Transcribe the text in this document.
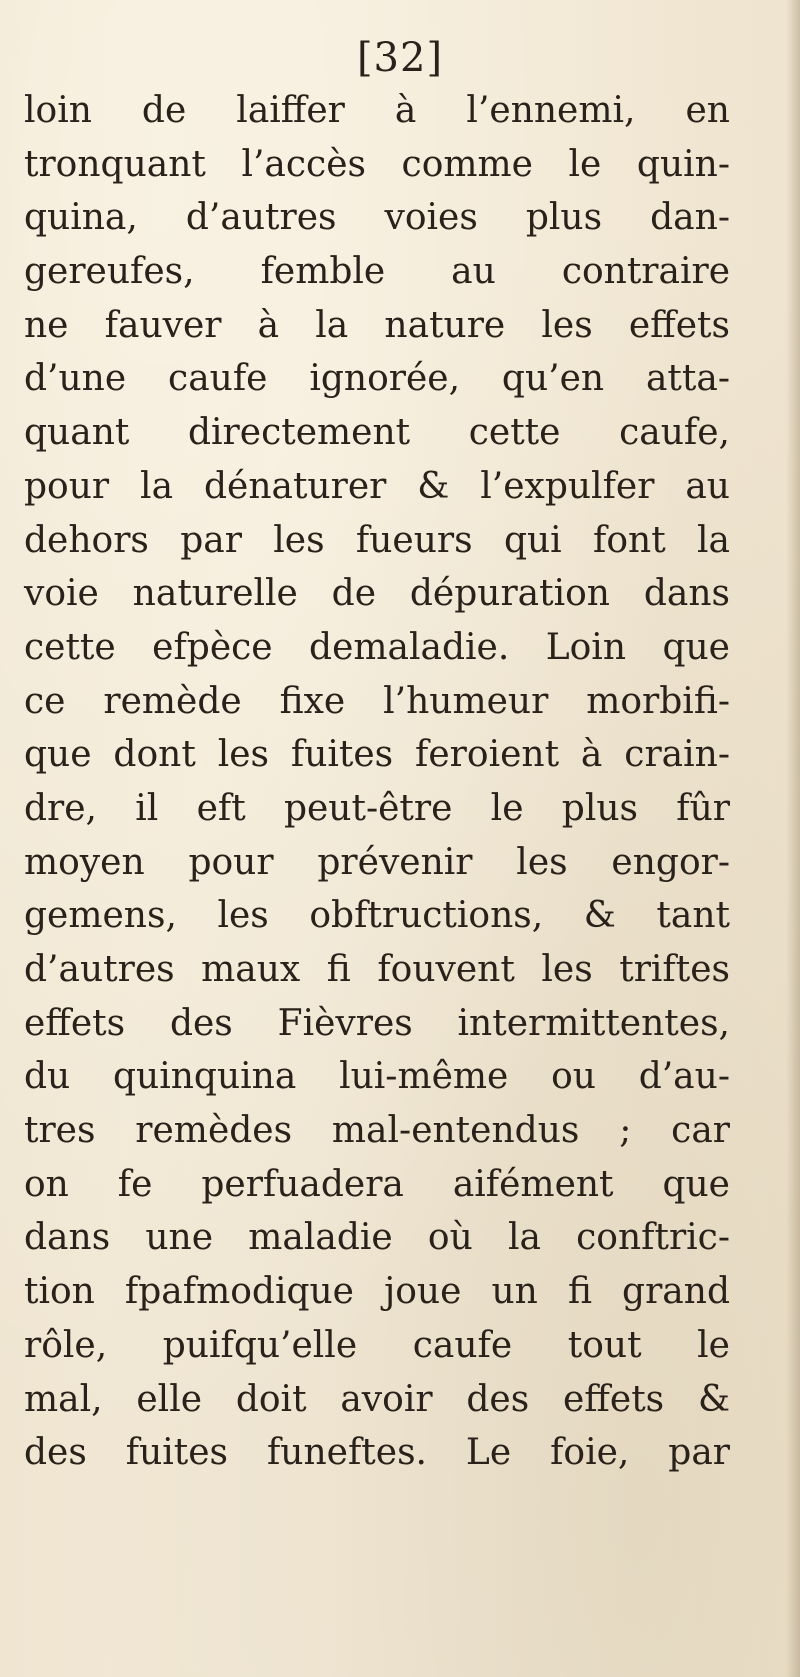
[32]
loin de laiffer à l’ennemi, en
tronquant l’accès comme le quin-
quina, d’autres voies plus dan-
gereufes, femble au contraire
ne fauver à la nature les effets
d’une caufe ignorée, qu’en atta-
quant directement cette caufe,
pour la dénaturer & l’expulfer au
dehors par les fueurs qui font la
voie naturelle de dépuration dans
cette efpèce demaladie. Loin que
ce remède fixe l’humeur morbifi-
que dont les fuites feroient à crain-
dre, il eft peut-être le plus fûr
moyen pour prévenir les engor-
gemens, les obftructions, & tant
d’autres maux fi fouvent les triftes
effets des Fièvres intermittentes,
du quinquina lui-même ou d’au-
tres remèdes mal-entendus ; car
on fe perfuadera aifément que
dans une maladie où la conftric-
tion fpafmodique joue un fi grand
rôle, puifqu’elle caufe tout le
mal, elle doit avoir des effets &
des fuites funeftes. Le foie, par
